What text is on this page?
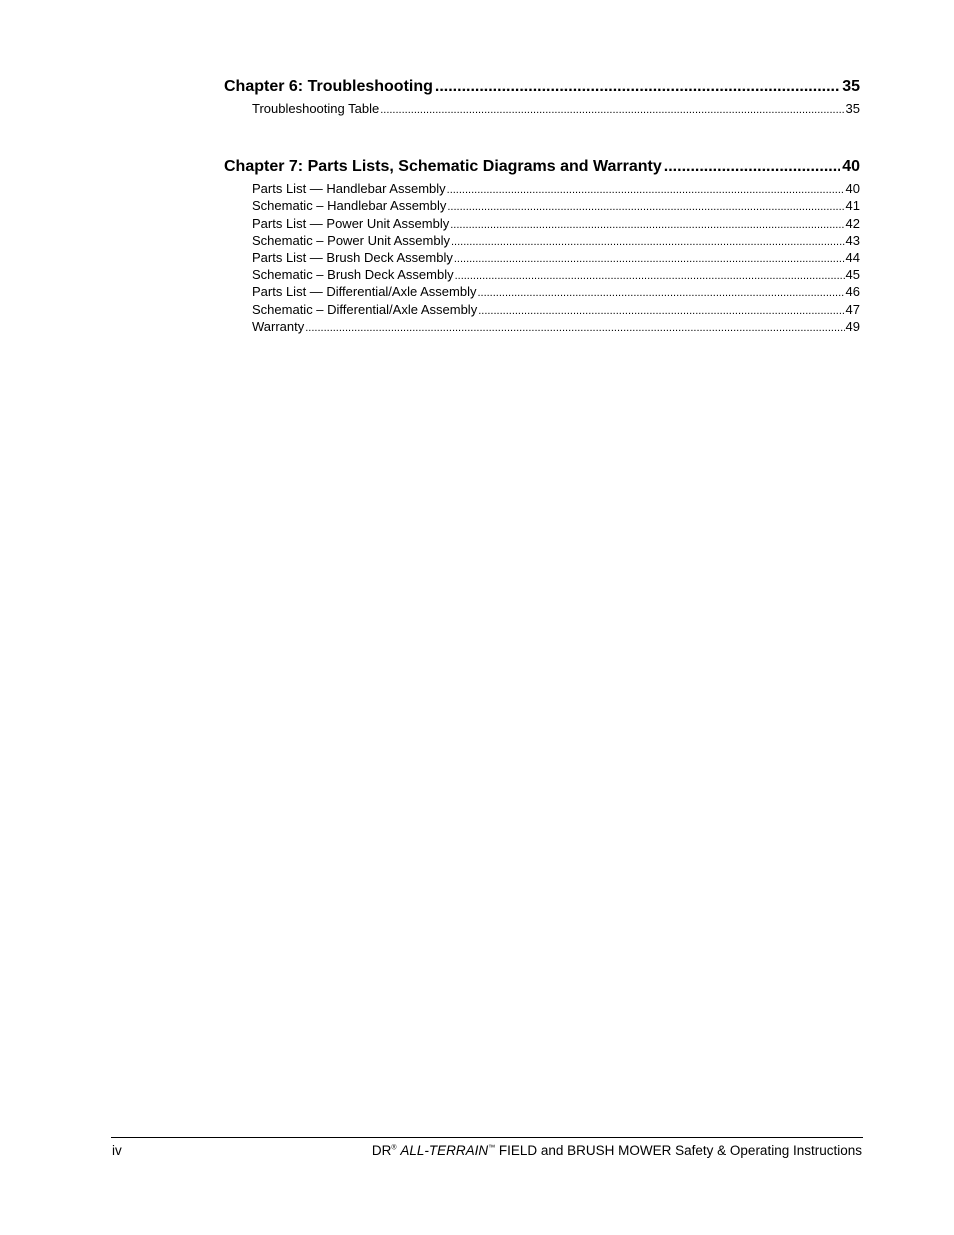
Chapter 6: Troubleshooting .....	35
Troubleshooting Table .....	35
Chapter 7: Parts Lists, Schematic Diagrams and Warranty .....	40
Parts List — Handlebar Assembly .....	40
Schematic – Handlebar Assembly .....	41
Parts List — Power Unit Assembly .....	42
Schematic – Power Unit Assembly .....	43
Parts List — Brush Deck Assembly .....	44
Schematic – Brush Deck Assembly .....	45
Parts List — Differential/Axle Assembly .....	46
Schematic – Differential/Axle Assembly .....	47
Warranty .....	49
iv	DR® ALL-TERRAIN™ FIELD and BRUSH MOWER Safety & Operating Instructions
